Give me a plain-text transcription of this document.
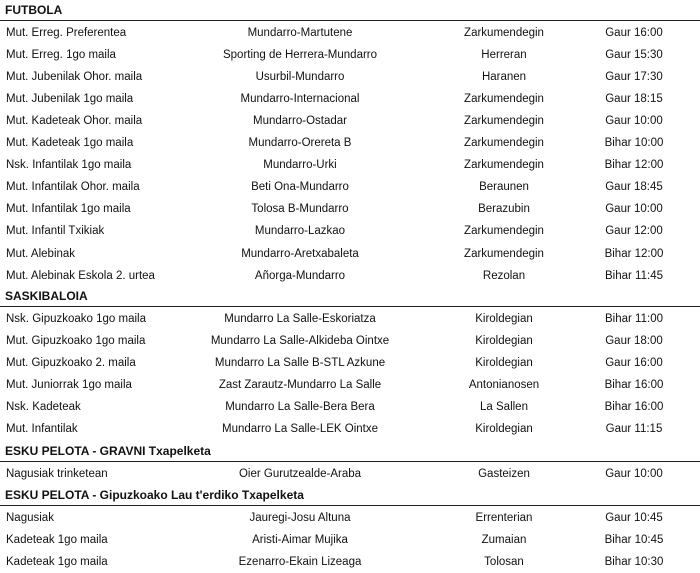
FUTBOLA
Mut. Erreg. Preferentea	Mundarro-Martutene	Zarkumendegin	Gaur 16:00
Mut. Erreg. 1go maila	Sporting de Herrera-Mundarro	Herreran	Gaur 15:30
Mut. Jubenilak Ohor. maila	Usurbil-Mundarro	Haranen	Gaur 17:30
Mut. Jubenilak 1go maila	Mundarro-Internacional	Zarkumendegin	Gaur 18:15
Mut. Kadeteak Ohor. maila	Mundarro-Ostadar	Zarkumendegin	Gaur 10:00
Mut. Kadeteak 1go maila	Mundarro-Orereta B	Zarkumendegin	Bihar 10:00
Nsk. Infantilak 1go maila	Mundarro-Urki	Zarkumendegin	Bihar 12:00
Mut. Infantilak Ohor. maila	Beti Ona-Mundarro	Beraunen	Gaur 18:45
Mut. Infantilak 1go maila	Tolosa B-Mundarro	Berazubin	Gaur 10:00
Mut. Infantil Txikiak	Mundarro-Lazkao	Zarkumendegin	Gaur 12:00
Mut. Alebinak	Mundarro-Aretxabaleta	Zarkumendegin	Bihar 12:00
Mut. Alebinak Eskola 2. urtea	Añorga-Mundarro	Rezolan	Bihar 11:45
SASKIBALOIA
Nsk. Gipuzkoako 1go maila	Mundarro La Salle-Eskoriatza	Kiroldegian	Bihar 11:00
Mut. Gipuzkoako 1go maila	Mundarro La Salle-Alkideba Ointxe	Kiroldegian	Gaur 18:00
Mut. Gipuzkoako 2. maila	Mundarro La Salle B-STL Azkune	Kiroldegian	Gaur 16:00
Mut. Juniorrak 1go maila	Zast Zarautz-Mundarro La Salle	Antonianosen	Bihar 16:00
Nsk. Kadeteak	Mundarro La Salle-Bera Bera	La Sallen	Bihar 16:00
Mut. Infantilak	Mundarro La Salle-LEK Ointxe	Kiroldegian	Gaur 11:15
ESKU PELOTA - GRAVNI Txapelketa
Nagusiak trinketean	Oier Gurutzealde-Araba	Gasteizen	Gaur 10:00
ESKU PELOTA - Gipuzkoako Lau t'erdiko Txapelketa
Nagusiak	Jauregi-Josu Altuna	Errenterian	Gaur 10:45
Kadeteak 1go maila	Aristi-Aimar Mujika	Zumaian	Bihar 10:45
Kadeteak 1go maila	Ezenarro-Ekain Lizeaga	Tolosan	Bihar 10:30
